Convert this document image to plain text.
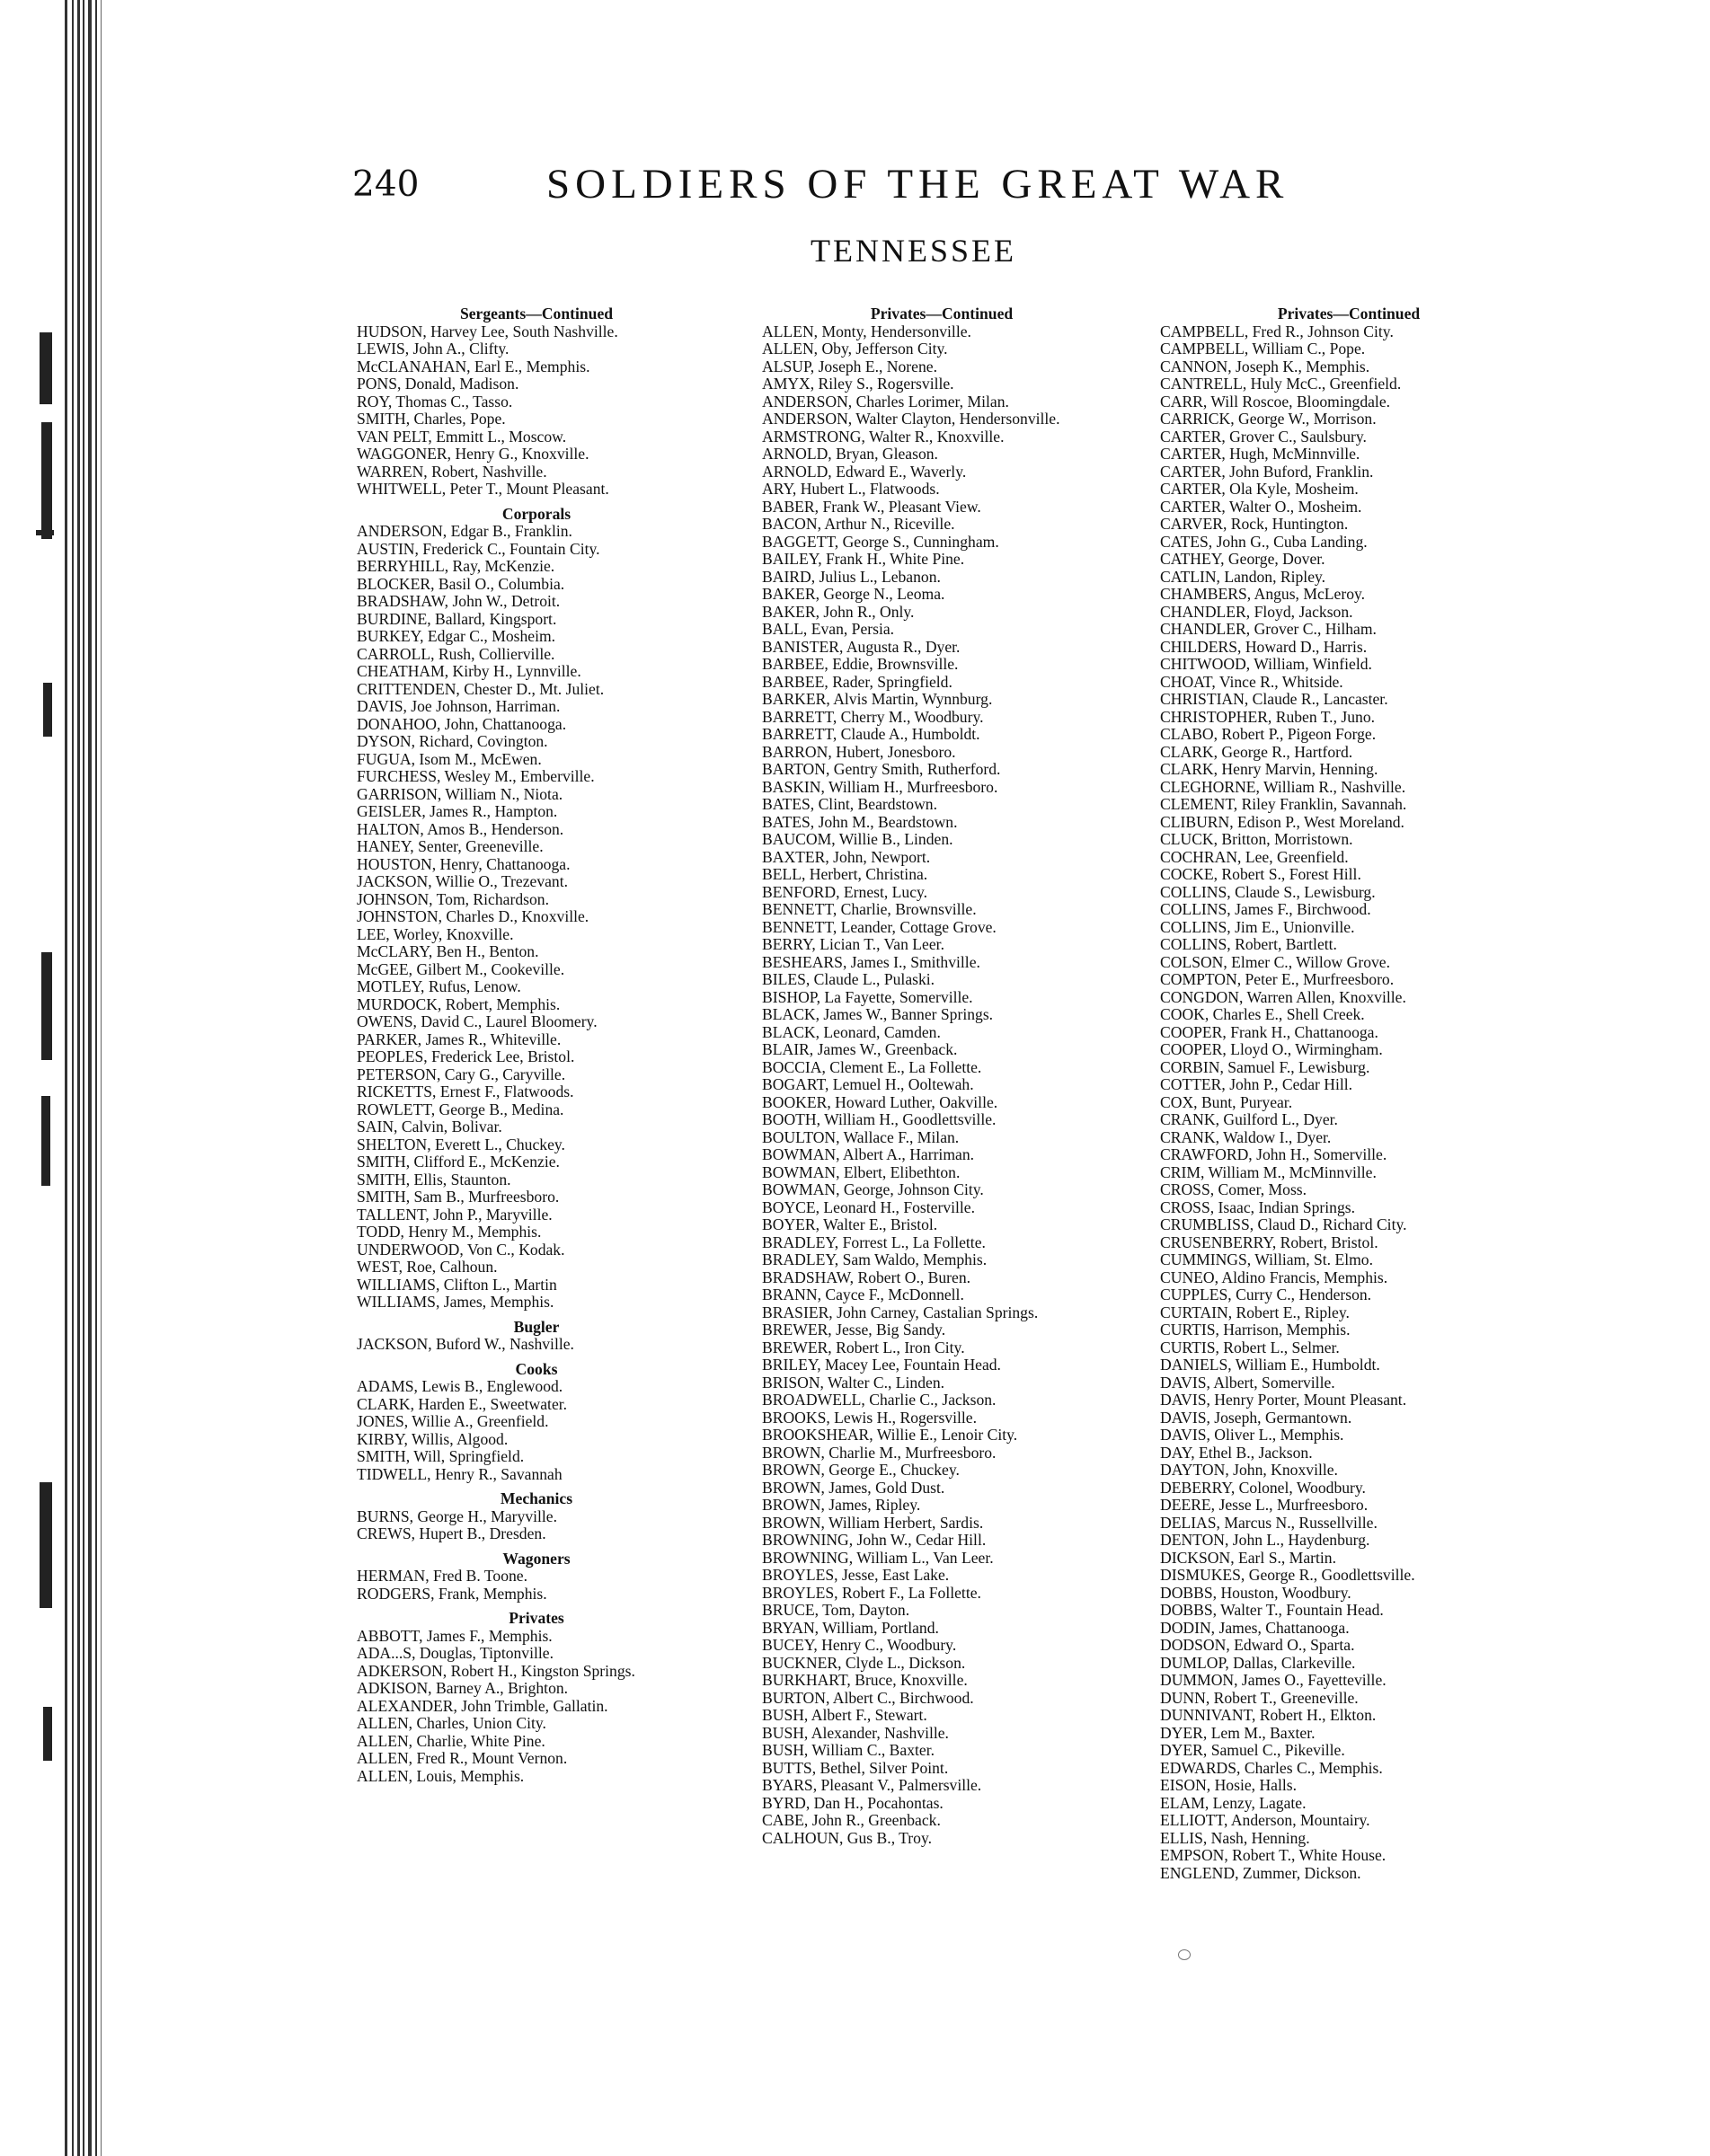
240	SOLDIERS OF THE GREAT WAR
TENNESSEE
Sergeants—Continued
HUDSON, Harvey Lee, South Nashville.
LEWIS, John A., Clifty.
McCLANAHAN, Earl E., Memphis.
PONS, Donald, Madison.
ROY, Thomas C., Tasso.
SMITH, Charles, Pope.
VAN PELT, Emmitt L., Moscow.
WAGGONER, Henry G., Knoxville.
WARREN, Robert, Nashville.
WHITWELL, Peter T., Mount Pleasant.
Corporals
ANDERSON, Edgar B., Franklin.
AUSTIN, Frederick C., Fountain City.
BERRYHILL, Ray, McKenzie.
BLOCKER, Basil O., Columbia.
BRADSHAW, John W., Detroit.
BURDINE, Ballard, Kingsport.
BURKEY, Edgar C., Mosheim.
CARROLL, Rush, Collierville.
CHEATHAM, Kirby H., Lynnville.
CRITTENDEN, Chester D., Mt. Juliet.
DAVIS, Joe Johnson, Harriman.
DONAHOO, John, Chattanooga.
DYSON, Richard, Covington.
FUGUA, Isom M., McEwen.
FURCHESS, Wesley M., Emberville.
GARRISON, William N., Niota.
GEISLER, James R., Hampton.
HALTON, Amos B., Henderson.
HANEY, Senter, Greeneville.
HOUSTON, Henry, Chattanooga.
JACKSON, Willie O., Trezevant.
JOHNSON, Tom, Richardson.
JOHNSTON, Charles D., Knoxville.
LEE, Worley, Knoxville.
McCLARY, Ben H., Benton.
McGEE, Gilbert M., Cookeville.
MOTLEY, Rufus, Lenow.
MURDOCK, Robert, Memphis.
OWENS, David C., Laurel Bloomery.
PARKER, James R., Whiteville.
PEOPLES, Frederick Lee, Bristol.
PETERSON, Cary G., Caryville.
RICKETTS, Ernest F., Flatwoods.
ROWLETT, George B., Medina.
SAIN, Calvin, Bolivar.
SHELTON, Everett L., Chuckey.
SMITH, Clifford E., McKenzie.
SMITH, Ellis, Staunton.
SMITH, Sam B., Murfreesboro.
TALLENT, John P., Maryville.
TODD, Henry M., Memphis.
UNDERWOOD, Von C., Kodak.
WEST, Roe, Calhoun.
WILLIAMS, Clifton L., Martin
WILLIAMS, James, Memphis.
Bugler
JACKSON, Buford W., Nashville.
Cooks
ADAMS, Lewis B., Englewood.
CLARK, Harden E., Sweetwater.
JONES, Willie A., Greenfield.
KIRBY, Willis, Algood.
SMITH, Will, Springfield.
TIDWELL, Henry R., Savannah
Mechanics
BURNS, George H., Maryville.
CREWS, Hupert B., Dresden.
Wagoners
HERMAN, Fred B. Toone.
RODGERS, Frank, Memphis.
Privates
ABBOTT, James F., Memphis.
ADA...S, Douglas, Tiptonville.
ADKERSON, Robert H., Kingston Springs.
ADKISON, Barney A., Brighton.
ALEXANDER, John Trimble, Gallatin.
ALLEN, Charles, Union City.
ALLEN, Charlie, White Pine.
ALLEN, Fred R., Mount Vernon.
ALLEN, Louis, Memphis.
Privates—Continued
ALLEN, Monty, Hendersonville.
ALLEN, Oby, Jefferson City.
ALSUP, Joseph E., Norene.
AMYX, Riley S., Rogersville.
ANDERSON, Charles Lorimer, Milan.
ANDERSON, Walter Clayton, Hendersonville.
ARMSTRONG, Walter R., Knoxville.
ARNOLD, Bryan, Gleason.
ARNOLD, Edward E., Waverly.
ARY, Hubert L., Flatwoods.
BABER, Frank W., Pleasant View.
BACON, Arthur N., Riceville.
BAGGETT, George S., Cunningham.
BAILEY, Frank H., White Pine.
BAIRD, Julius L., Lebanon.
BAKER, George N., Leoma.
BAKER, John R., Only.
BALL, Evan, Persia.
BANISTER, Augusta R., Dyer.
BARBEE, Eddie, Brownsville.
BARBEE, Rader, Springfield.
BARKER, Alvis Martin, Wynnburg.
BARRETT, Cherry M., Woodbury.
BARRETT, Claude A., Humboldt.
BARRON, Hubert, Jonesboro.
BARTON, Gentry Smith, Rutherford.
BASKIN, William H., Murfreesboro.
BATES, Clint, Beardstown.
BATES, John M., Beardstown.
BAUCOM, Willie B., Linden.
BAXTER, John, Newport.
BELL, Herbert, Christina.
BENFORD, Ernest, Lucy.
BENNETT, Charlie, Brownsville.
BENNETT, Leander, Cottage Grove.
BERRY, Lician T., Van Leer.
BESHEARS, James I., Smithville.
BILES, Claude L., Pulaski.
BISHOP, La Fayette, Somerville.
BLACK, James W., Banner Springs.
BLACK, Leonard, Camden.
BLAIR, James W., Greenback.
BOCCIA, Clement E., La Follette.
BOGART, Lemuel H., Ooltewah.
BOOKER, Howard Luther, Oakville.
BOOTH, William H., Goodlettsville.
BOULTON, Wallace F., Milan.
BOWMAN, Albert A., Harriman.
BOWMAN, Elbert, Elibethton.
BOWMAN, George, Johnson City.
BOYCE, Leonard H., Fosterville.
BOYER, Walter E., Bristol.
BRADLEY, Forrest L., La Follette.
BRADLEY, Sam Waldo, Memphis.
BRADSHAW, Robert O., Buren.
BRANN, Cayce F., McDonnell.
BRASIER, John Carney, Castalian Springs.
BREWER, Jesse, Big Sandy.
BREWER, Robert L., Iron City.
BRILEY, Macey Lee, Fountain Head.
BRISON, Walter C., Linden.
BROADWELL, Charlie C., Jackson.
BROOKS, Lewis H., Rogersville.
BROOKSHEAR, Willie E., Lenoir City.
BROWN, Charlie M., Murfreesboro.
BROWN, George E., Chuckey.
BROWN, James, Gold Dust.
BROWN, James, Ripley.
BROWN, William Herbert, Sardis.
BROWNING, John W., Cedar Hill.
BROWNING, William L., Van Leer.
BROYLES, Jesse, East Lake.
BROYLES, Robert F., La Follette.
BRUCE, Tom, Dayton.
BRYAN, William, Portland.
BUCEY, Henry C., Woodbury.
BUCKNER, Clyde L., Dickson.
BURKHART, Bruce, Knoxville.
BURTON, Albert C., Birchwood.
BUSH, Albert F., Stewart.
BUSH, Alexander, Nashville.
BUSH, William C., Baxter.
BUTTS, Bethel, Silver Point.
BYARS, Pleasant V., Palmersville.
BYRD, Dan H., Pocahontas.
CABE, John R., Greenback.
CALHOUN, Gus B., Troy.
Privates—Continued
CAMPBELL, Fred R., Johnson City.
CAMPBELL, William C., Pope.
CANNON, Joseph K., Memphis.
CANTRELL, Huly McC., Greenfield.
CARR, Will Roscoe, Bloomingdale.
CARRICK, George W., Morrison.
CARTER, Grover C., Saulsbury.
CARTER, Hugh, McMinnville.
CARTER, John Buford, Franklin.
CARTER, Ola Kyle, Mosheim.
CARTER, Walter O., Mosheim.
CARVER, Rock, Huntington.
CATES, John G., Cuba Landing.
CATHEY, George, Dover.
CATLIN, Landon, Ripley.
CHAMBERS, Angus, McLeroy.
CHANDLER, Floyd, Jackson.
CHANDLER, Grover C., Hilham.
CHILDERS, Howard D., Harris.
CHITWOOD, William, Winfield.
CHOAT, Vince R., Whitside.
CHRISTIAN, Claude R., Lancaster.
CHRISTOPHER, Ruben T., Juno.
CLABO, Robert P., Pigeon Forge.
CLARK, George R., Hartford.
CLARK, Henry Marvin, Henning.
CLEGHORNE, William R., Nashville.
CLEMENT, Riley Franklin, Savannah.
CLIBURN, Edison P., West Moreland.
CLUCK, Britton, Morristown.
COCHRAN, Lee, Greenfield.
COCKE, Robert S., Forest Hill.
COLLINS, Claude S., Lewisburg.
COLLINS, James F., Birchwood.
COLLINS, Jim E., Unionville.
COLLINS, Robert, Bartlett.
COLSON, Elmer C., Willow Grove.
COMPTON, Peter E., Murfreesboro.
CONGDON, Warren Allen, Knoxville.
COOK, Charles E., Shell Creek.
COOPER, Frank H., Chattanooga.
COOPER, Lloyd O., Wirmingham.
CORBIN, Samuel F., Lewisburg.
COTTER, John P., Cedar Hill.
COX, Bunt, Puryear.
CRANK, Guilford L., Dyer.
CRANK, Waldow I., Dyer.
CRAWFORD, John H., Somerville.
CRIM, William M., McMinnville.
CROSS, Comer, Moss.
CROSS, Isaac, Indian Springs.
CRUMBLISS, Claud D., Richard City.
CRUSENBERRY, Robert, Bristol.
CUMMINGS, William, St. Elmo.
CUNEO, Aldino Francis, Memphis.
CUPPLES, Curry C., Henderson.
CURTAIN, Robert E., Ripley.
CURTIS, Harrison, Memphis.
CURTIS, Robert L., Selmer.
DANIELS, William E., Humboldt.
DAVIS, Albert, Somerville.
DAVIS, Henry Porter, Mount Pleasant.
DAVIS, Joseph, Germantown.
DAVIS, Oliver L., Memphis.
DAY, Ethel B., Jackson.
DAYTON, John, Knoxville.
DEBERRY, Colonel, Woodbury.
DEERE, Jesse L., Murfreesboro.
DELIAS, Marcus N., Russellville.
DENTON, John L., Haydenburg.
DICKSON, Earl S., Martin.
DISMUKES, George R., Goodlettsville.
DOBBS, Houston, Woodbury.
DOBBS, Walter T., Fountain Head.
DODIN, James, Chattanooga.
DODSON, Edward O., Sparta.
DUMLOP, Dallas, Clarkeville.
DUMMON, James O., Fayetteville.
DUNN, Robert T., Greeneville.
DUNNIVANT, Robert H., Elkton.
DYER, Lem M., Baxter.
DYER, Samuel C., Pikeville.
EDWARDS, Charles C., Memphis.
EISON, Hosie, Halls.
ELAM, Lenzy, Lagate.
ELLIOTT, Anderson, Mountairy.
ELLIS, Nash, Henning.
EMPSON, Robert T., White House.
ENGLEND, Zummer, Dickson.
